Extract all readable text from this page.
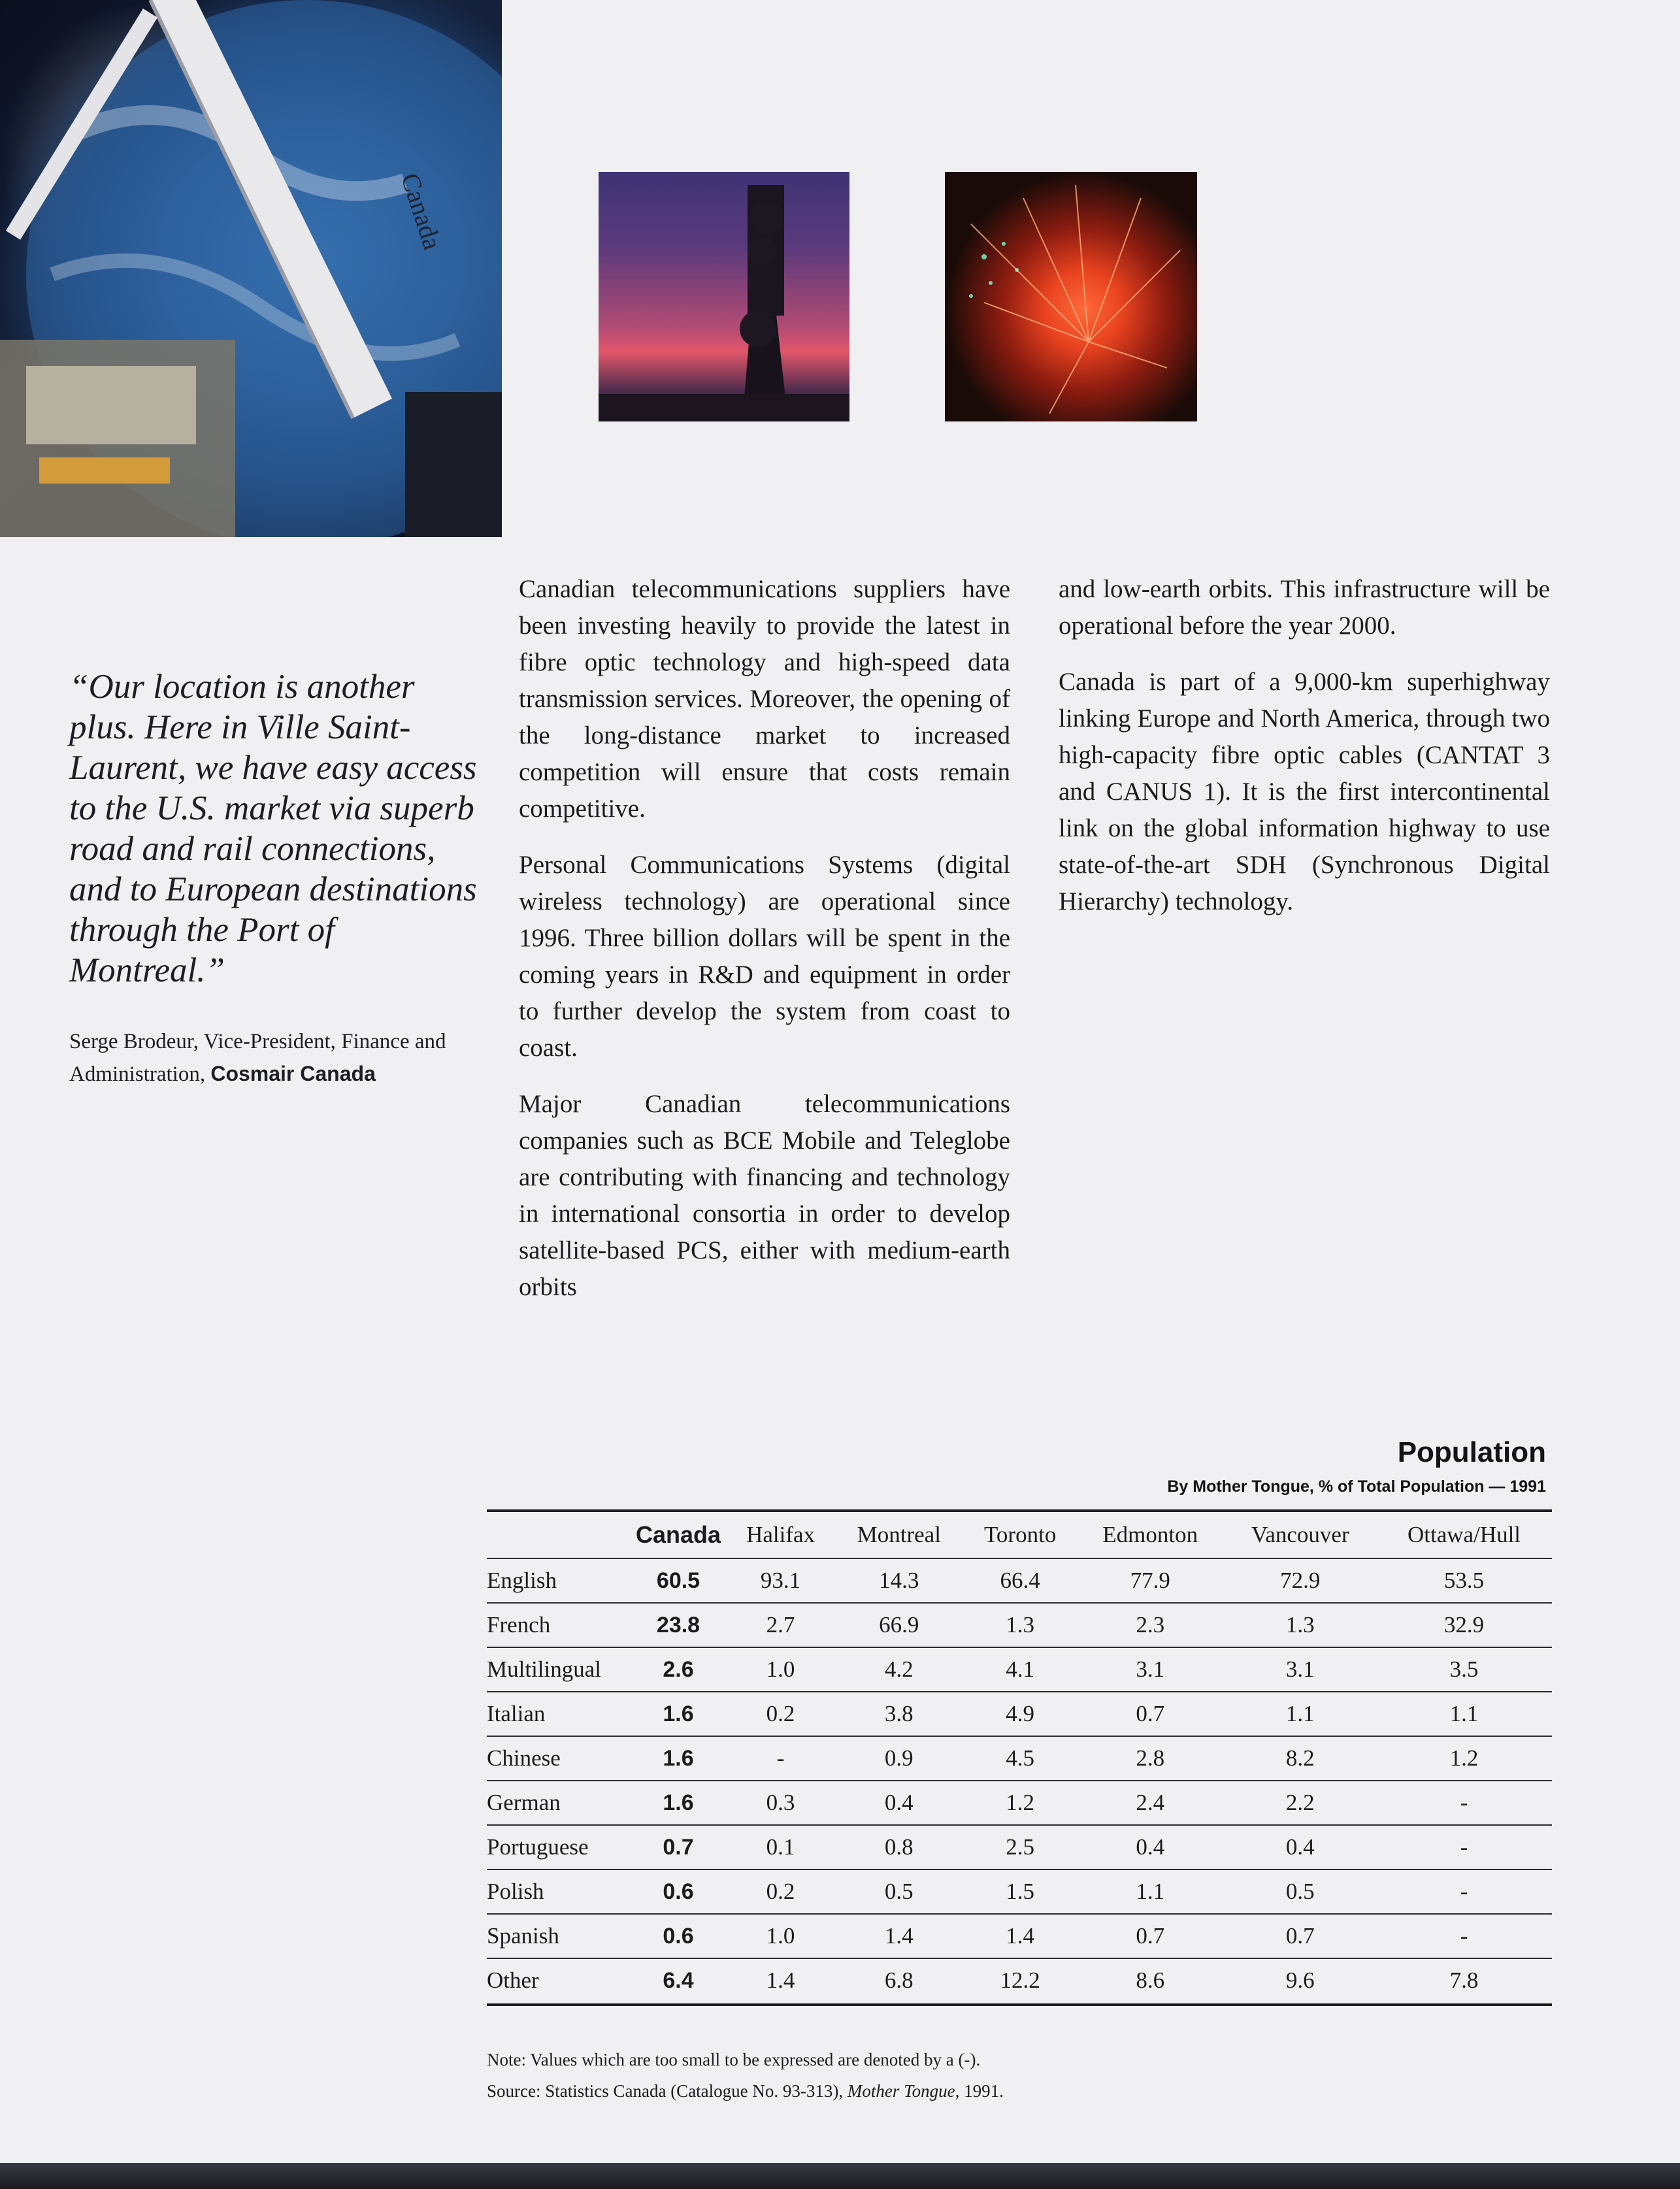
Canada
“Our location is another plus. Here in Ville Saint-Laurent, we have easy access to the U.S. market via superb road and rail connections, and to European destinations through the Port of Montreal.”
Serge Brodeur, Vice-President, Finance and Administration, Cosmair Canada

Canadian telecommunications suppliers have been investing heavily to provide the latest in fibre optic technology and high-speed data transmission services. Moreover, the opening of the long-distance market to increased competition will ensure that costs remain competitive.

Personal Communications Systems (digital wireless technology) are operational since 1996. Three billion dollars will be spent in the coming years in R&D and equipment in order to further develop the system from coast to coast.

Major Canadian telecommunications companies such as BCE Mobile and Teleglobe are contributing with financing and technology in international consortia in order to develop satellite-based PCS, either with medium-earth orbits

and low-earth orbits. This infrastructure will be operational before the year 2000.

Canada is part of a 9,000-km superhighway linking Europe and North America, through two high-capacity fibre optic cables (CANTAT 3 and CANUS 1). It is the first intercontinental link on the global information highway to use state-of-the-art SDH (Synchronous Digital Hierarchy) technology.

Population
By Mother Tongue, % of Total Population — 1991
	Canada	Halifax	Montreal	Toronto	Edmonton	Vancouver	Ottawa/Hull
English	60.5	93.1	14.3	66.4	77.9	72.9	53.5
French	23.8	2.7	66.9	1.3	2.3	1.3	32.9
Multilingual	2.6	1.0	4.2	4.1	3.1	3.1	3.5
Italian	1.6	0.2	3.8	4.9	0.7	1.1	1.1
Chinese	1.6	-	0.9	4.5	2.8	8.2	1.2
German	1.6	0.3	0.4	1.2	2.4	2.2	-
Portuguese	0.7	0.1	0.8	2.5	0.4	0.4	-
Polish	0.6	0.2	0.5	1.5	1.1	0.5	-
Spanish	0.6	1.0	1.4	1.4	0.7	0.7	-
Other	6.4	1.4	6.8	12.2	8.6	9.6	7.8
Note: Values which are too small to be expressed are denoted by a (-).
Source: Statistics Canada (Catalogue No. 93-313), Mother Tongue, 1991.
